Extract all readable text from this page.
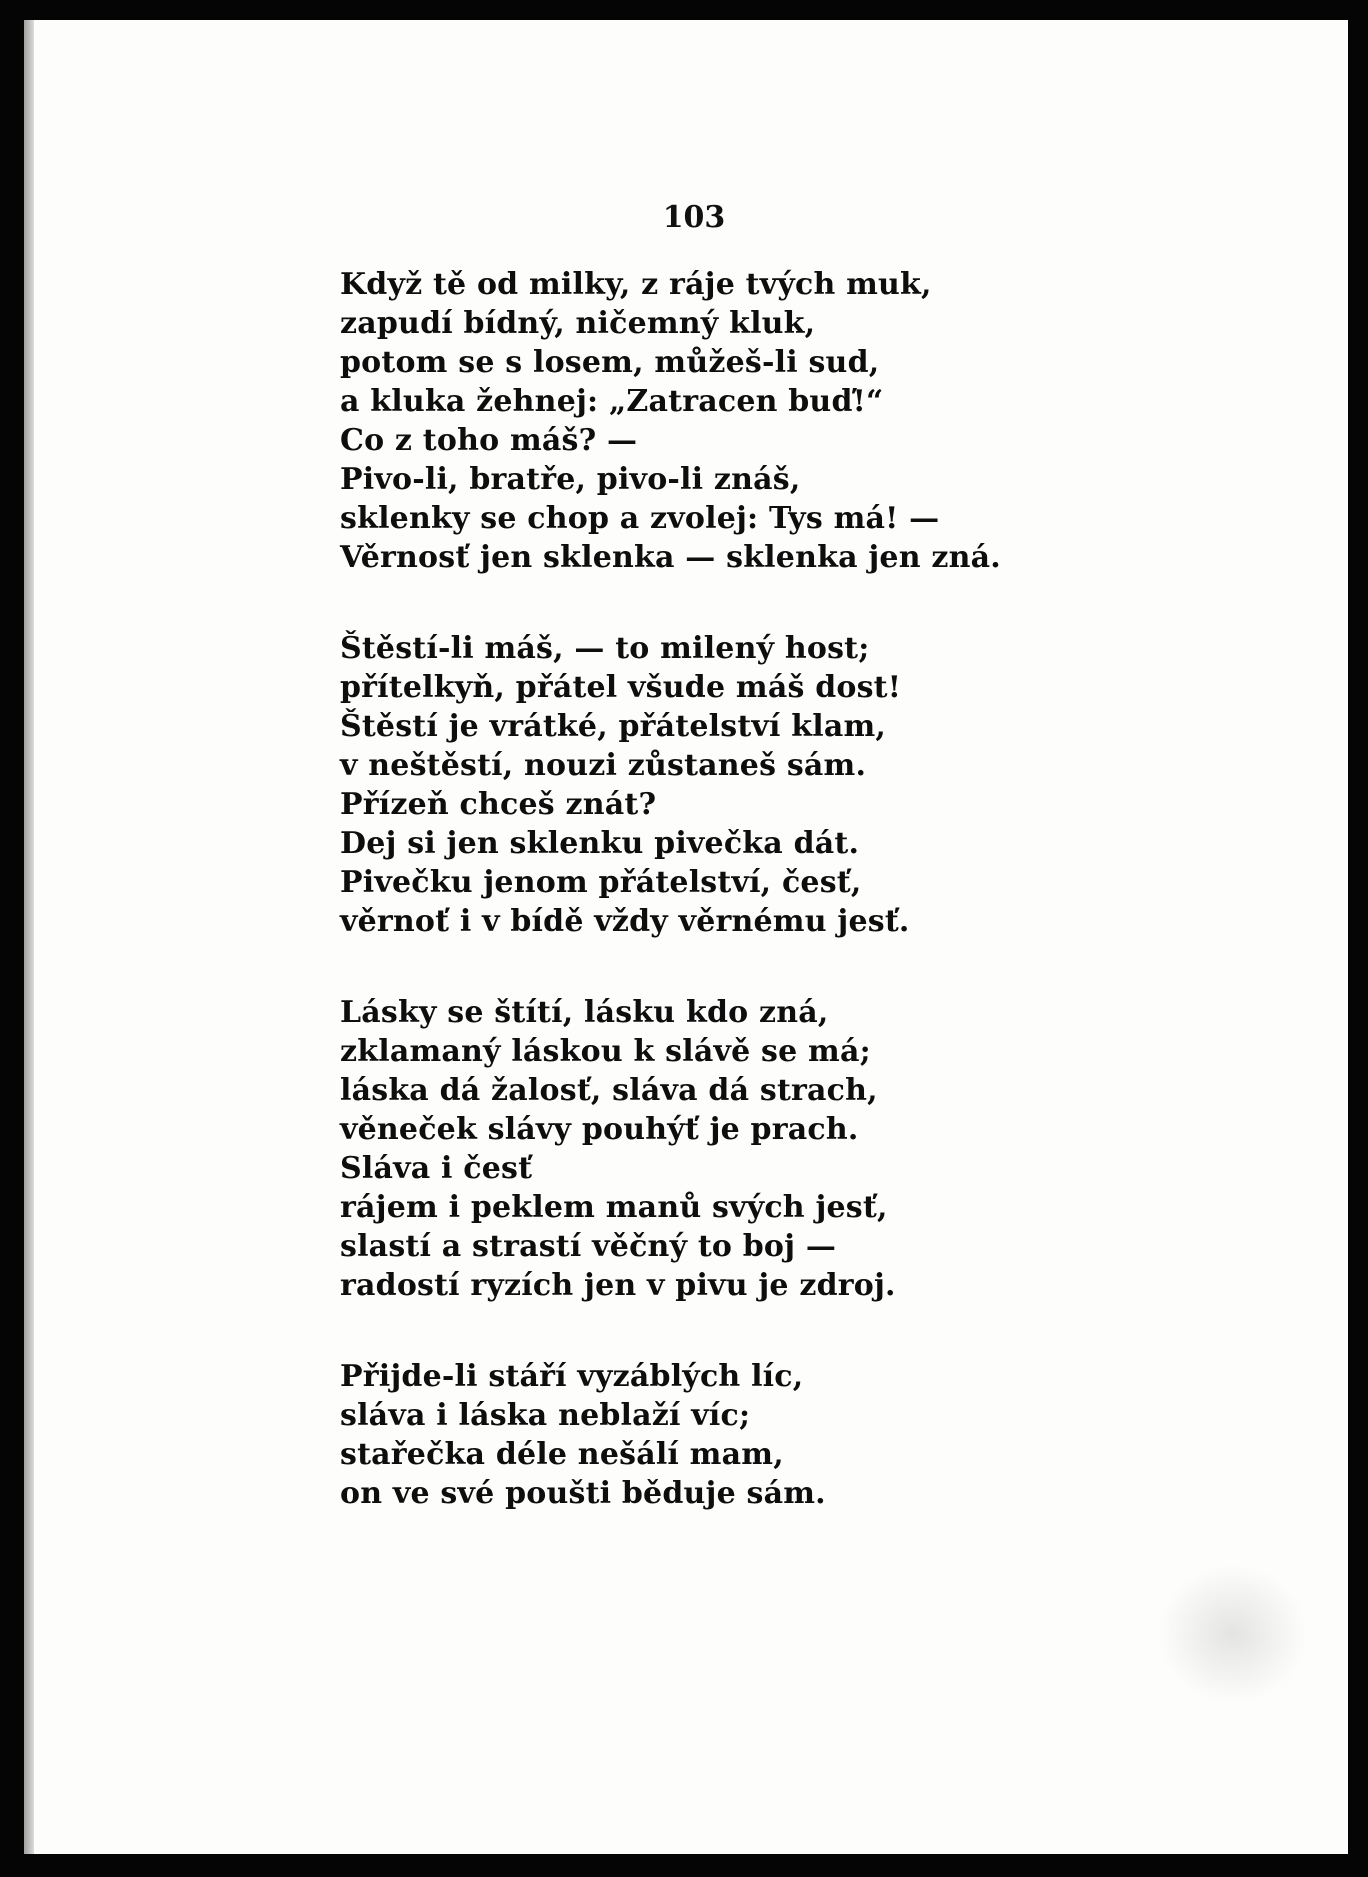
103
Když tě od milky, z ráje tvých muk,
zapudí bídný, ničemný kluk,
potom se s losem, můžeš-li sud,
a kluka žehnej: „Zatracen buď!“
Co z toho máš? —
Pivo-li, bratře, pivo-li znáš,
sklenky se chop a zvolej: Tys má! —
Věrnosť jen sklenka — sklenka jen zná.
Štěstí-li máš, — to milený host;
přítelkyň, přátel všude máš dost!
Štěstí je vrátké, přátelství klam,
v neštěstí, nouzi zůstaneš sám.
Přízeň chceš znát?
Dej si jen sklenku pivečka dát.
Pivečku jenom přátelství, česť,
věrnoť i v bídě vždy věrnému jesť.
Lásky se štítí, lásku kdo zná,
zklamaný láskou k slávě se má;
láska dá žalosť, sláva dá strach,
věneček slávy pouhýť je prach.
Sláva i česť
rájem i peklem manů svých jesť,
slastí a strastí věčný to boj —
radostí ryzích jen v pivu je zdroj.
Přijde-li stáří vyzáblých líc,
sláva i láska neblaží víc;
stařečka déle nešálí mam,
on ve své poušti běduje sám.
